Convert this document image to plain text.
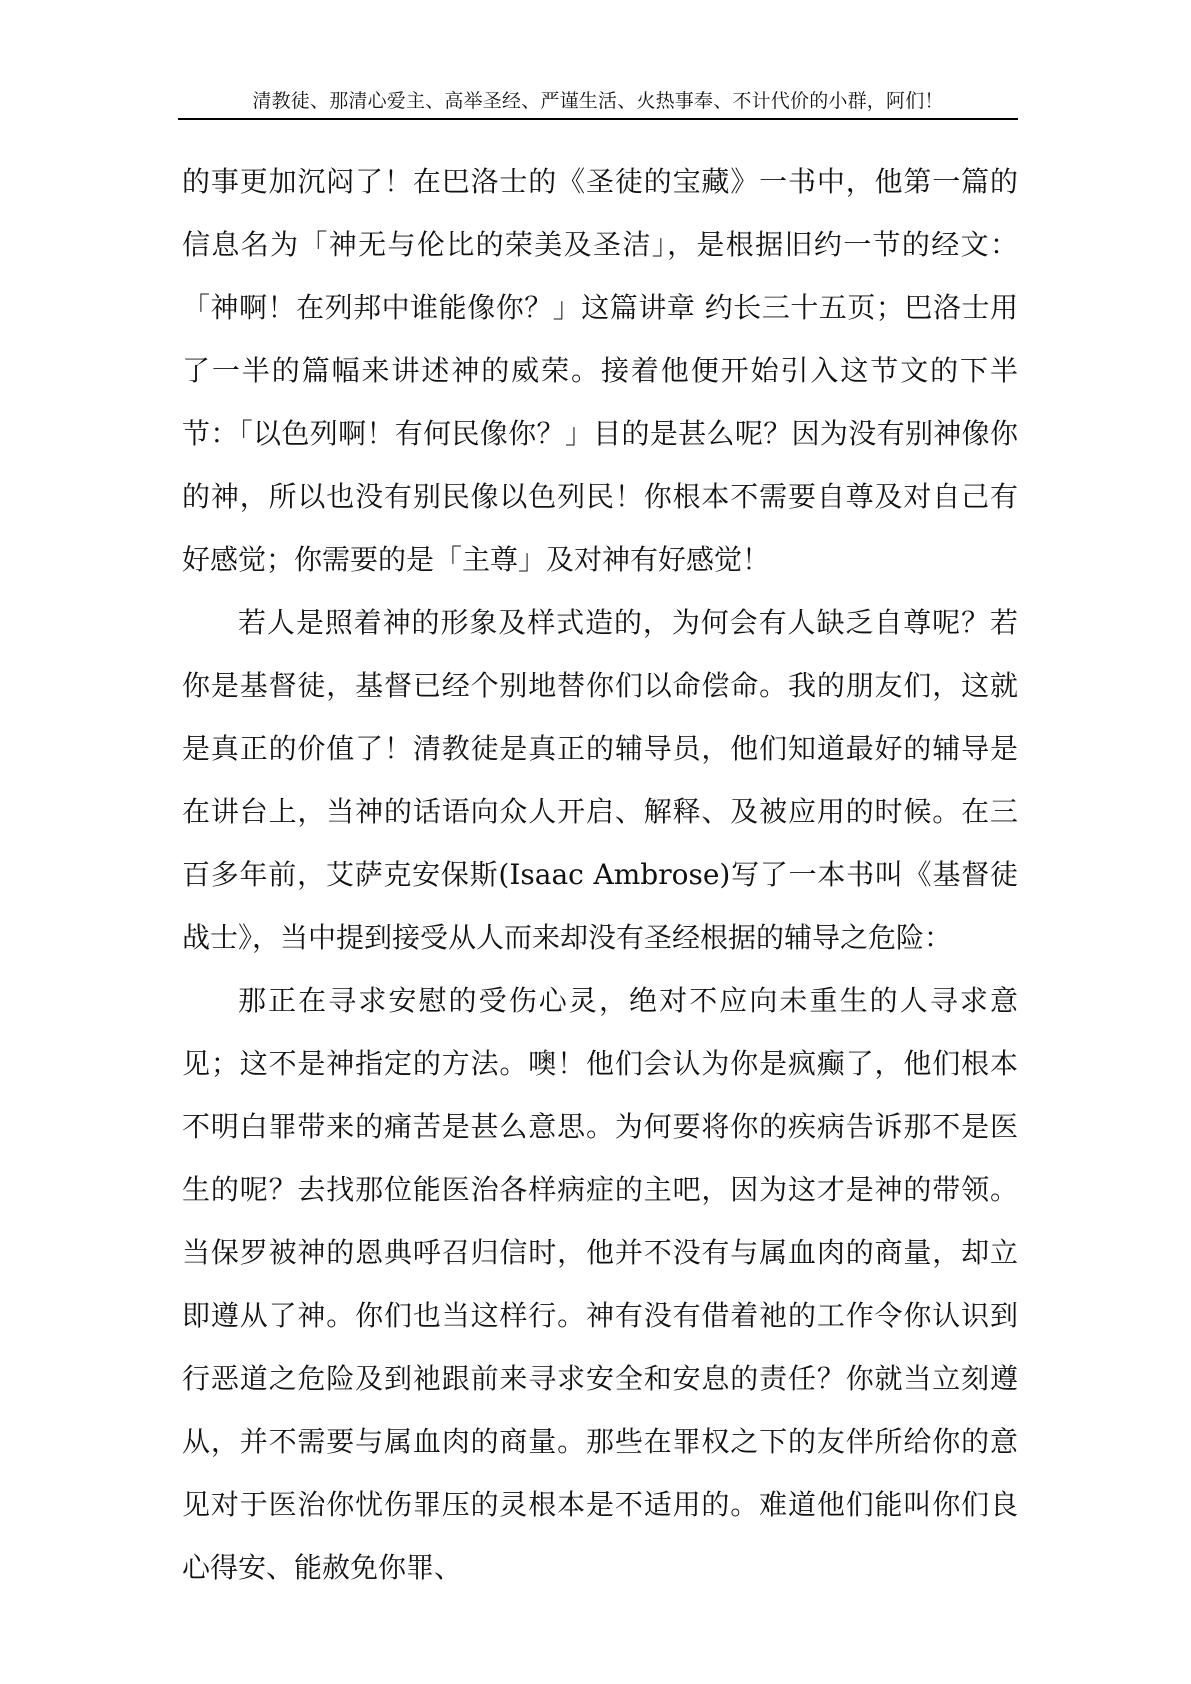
清教徒、那清心爱主、高举圣经、严谨生活、火热事奉、不计代价的小群，阿们！

的事更加沉闷了！在巴洛士的《圣徒的宝藏》一书中，他第一篇的信息名为「神无与伦比的荣美及圣洁」，是根据旧约一节的经文：「神啊！在列邦中谁能像你？」这篇讲章 约长三十五页；巴洛士用了一半的篇幅来讲述神的威荣。接着他便开始引入这节文的下半节：「以色列啊！有何民像你？」目的是甚么呢？因为没有别神像你的神，所以也没有别民像以色列民！你根本不需要自尊及对自己有好感觉；你需要的是「主尊」及对神有好感觉！

若人是照着神的形象及样式造的，为何会有人缺乏自尊呢？若你是基督徒，基督已经个别地替你们以命偿命。我的朋友们，这就是真正的价值了！清教徒是真正的辅导员，他们知道最好的辅导是在讲台上，当神的话语向众人开启、解释、及被应用的时候。在三百多年前，艾萨克安保斯(Isaac Ambrose)写了一本书叫《基督徒战士》，当中提到接受从人而来却没有圣经根据的辅导之危险：

那正在寻求安慰的受伤心灵，绝对不应向未重生的人寻求意见；这不是神指定的方法。噢！他们会认为你是疯癫了，他们根本不明白罪带来的痛苦是甚么意思。为何要将你的疾病告诉那不是医生的呢？去找那位能医治各样病症的主吧，因为这才是神的带领。当保罗被神的恩典呼召归信时，他并不没有与属血肉的商量，却立即遵从了神。你们也当这样行。神有没有借着祂的工作令你认识到行恶道之危险及到祂跟前来寻求安全和安息的责任？你就当立刻遵从，并不需要与属血肉的商量。那些在罪权之下的友伴所给你的意见对于医治你忧伤罪压的灵根本是不适用的。难道他们能叫你们良心得安、能赦免你罪、
